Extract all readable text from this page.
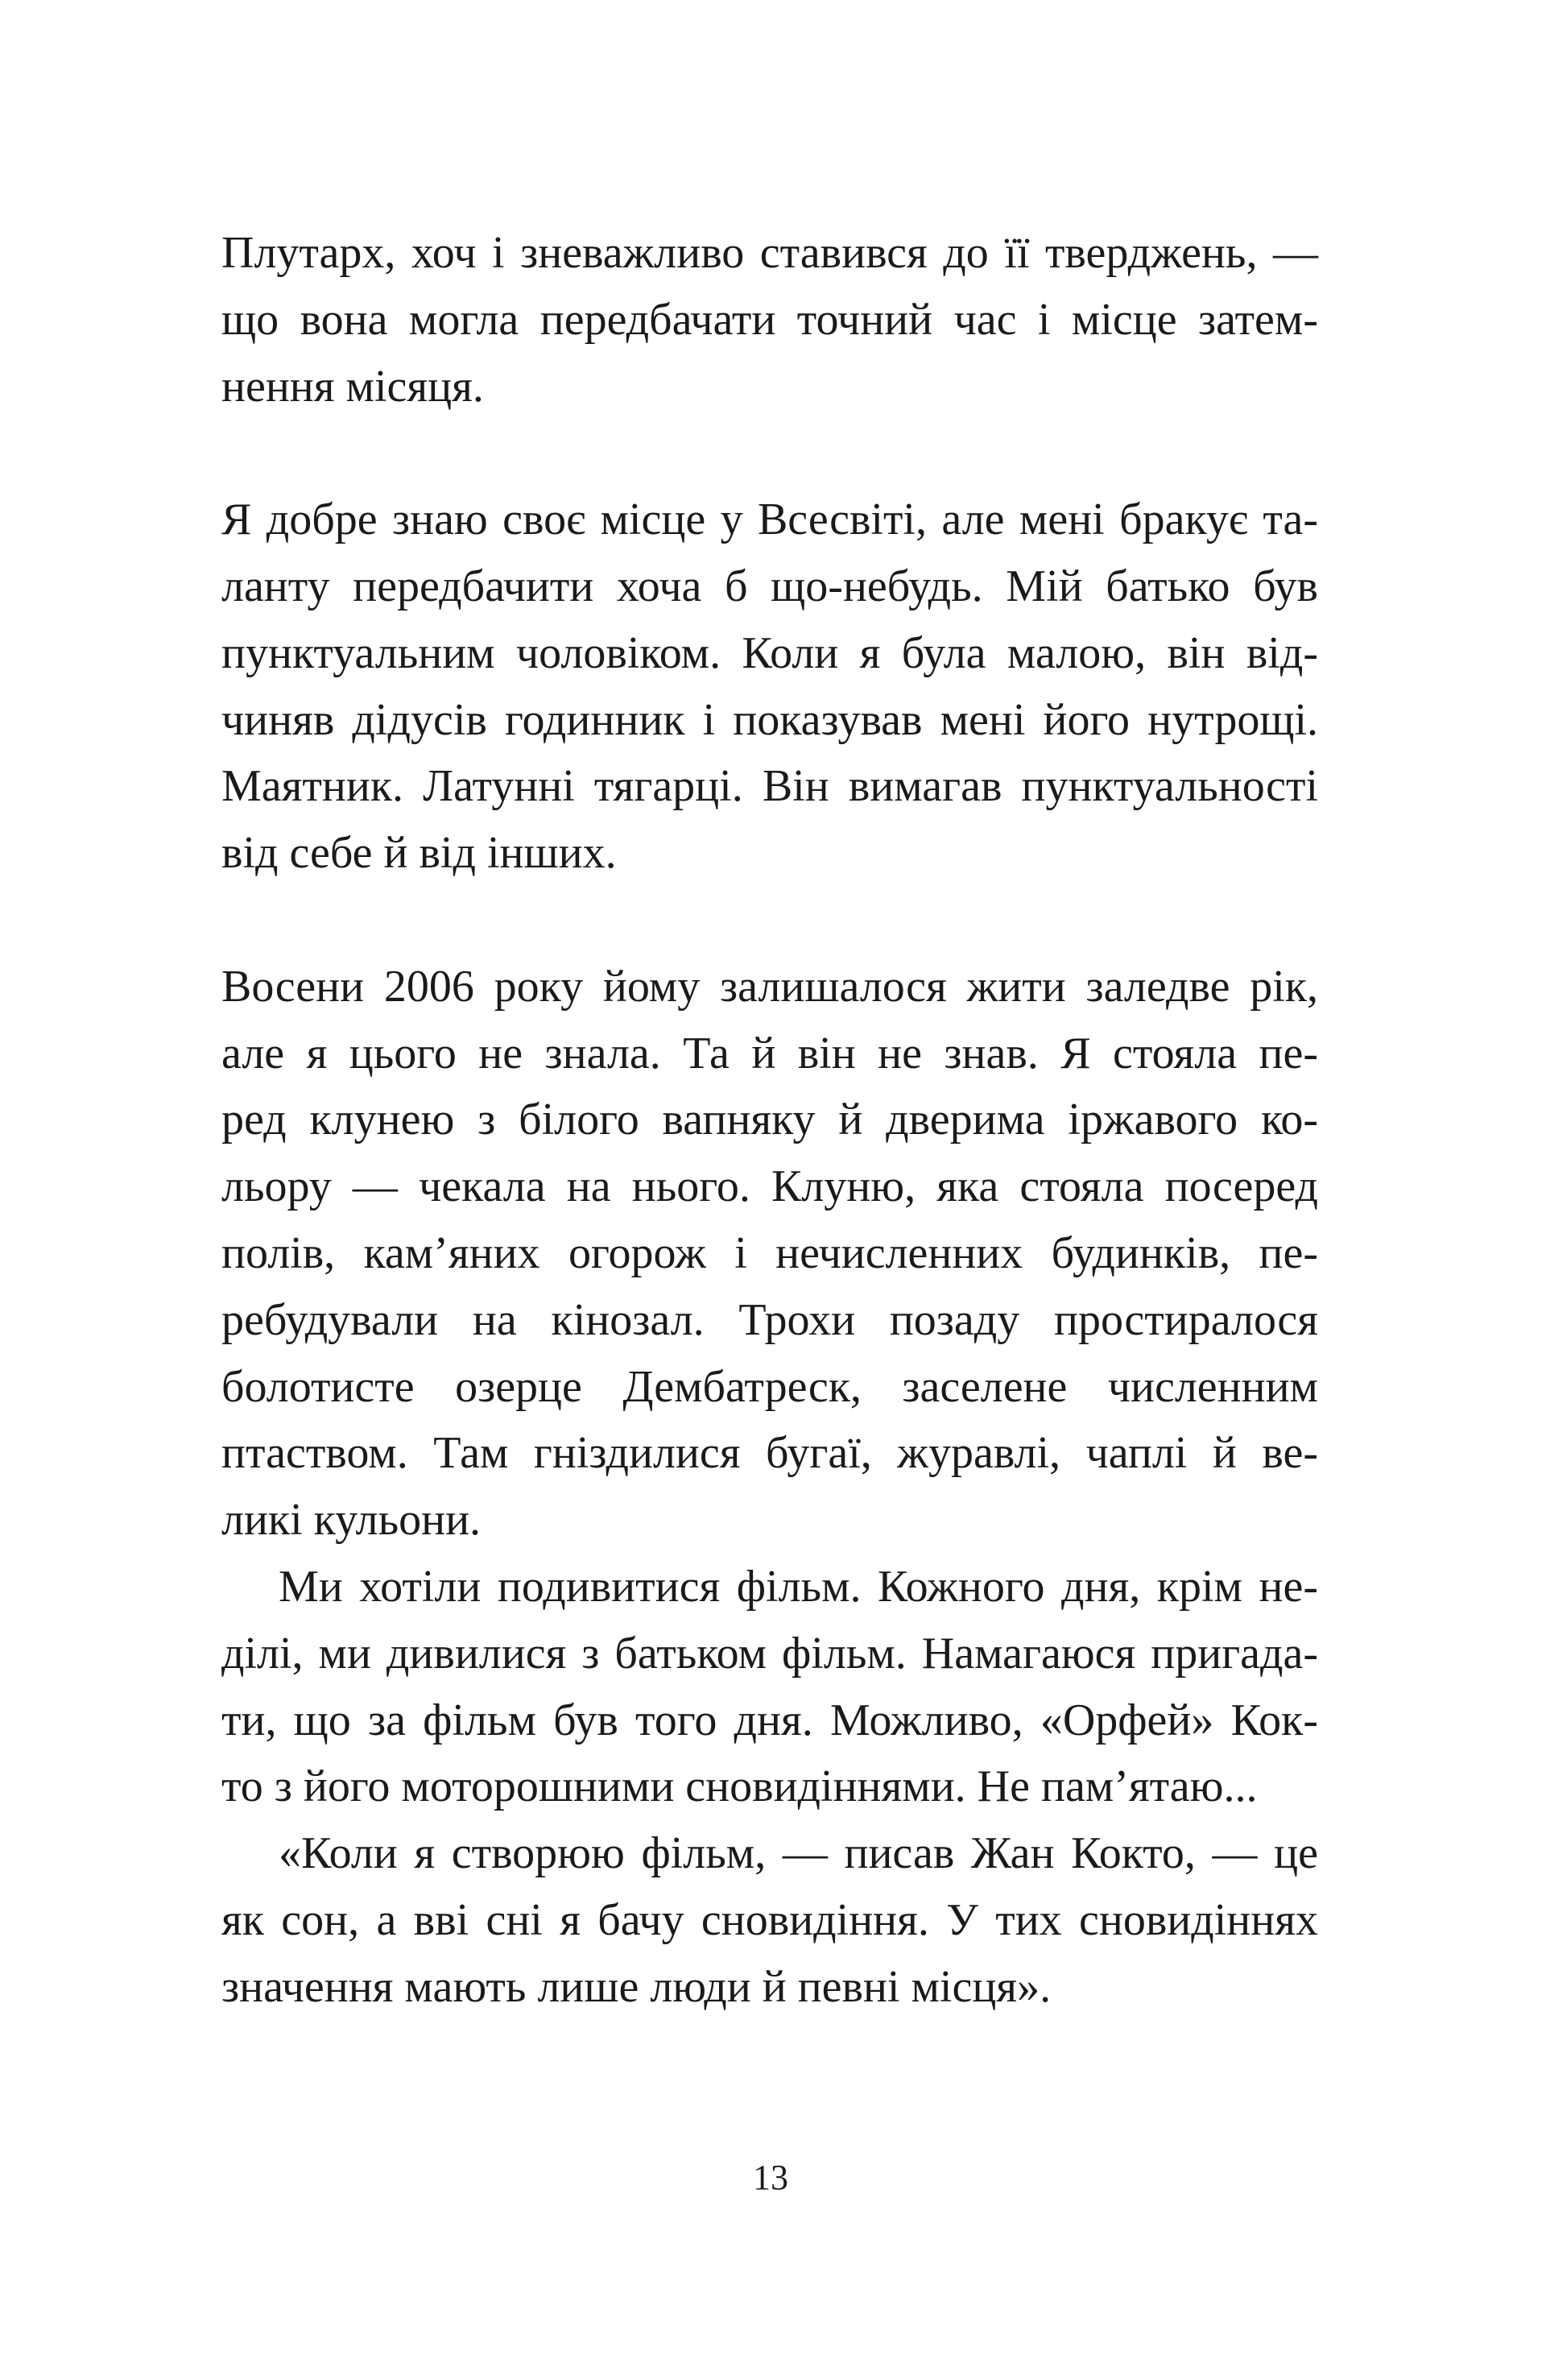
Плутарх, хоч і зневажливо ставився до її тверджень, —
що вона могла передбачати точний час і місце затем-
нення місяця.
Я добре знаю своє місце у Всесвіті, але мені бракує та-
ланту передбачити хоча б що-небудь. Мій батько був
пунктуальним чоловіком. Коли я була малою, він від-
чиняв дідусів годинник і показував мені його нутрощі.
Маятник. Латунні тягарці. Він вимагав пунктуальності
від себе й від інших.
Восени 2006 року йому залишалося жити заледве рік,
але я цього не знала. Та й він не знав. Я стояла пе-
ред клунею з білого вапняку й дверима іржавого ко-
льору — чекала на нього. Клуню, яка стояла посеред
полів, кам’яних огорож і нечисленних будинків, пе-
ребудували на кінозал. Трохи позаду простиралося
болотисте озерце Дембатреск, заселене численним
птаством. Там гніздилися бугаї, журавлі, чаплі й ве-
ликі кульони.
Ми хотіли подивитися фільм. Кожного дня, крім не-
ділі, ми дивилися з батьком фільм. Намагаюся пригада-
ти, що за фільм був того дня. Можливо, «Орфей» Кок-
то з його моторошними сновидіннями. Не пам’ятаю...
«Коли я створюю фільм, — писав Жан Кокто, — це
як сон, а вві сні я бачу сновидіння. У тих сновидіннях
значення мають лише люди й певні місця».
13
